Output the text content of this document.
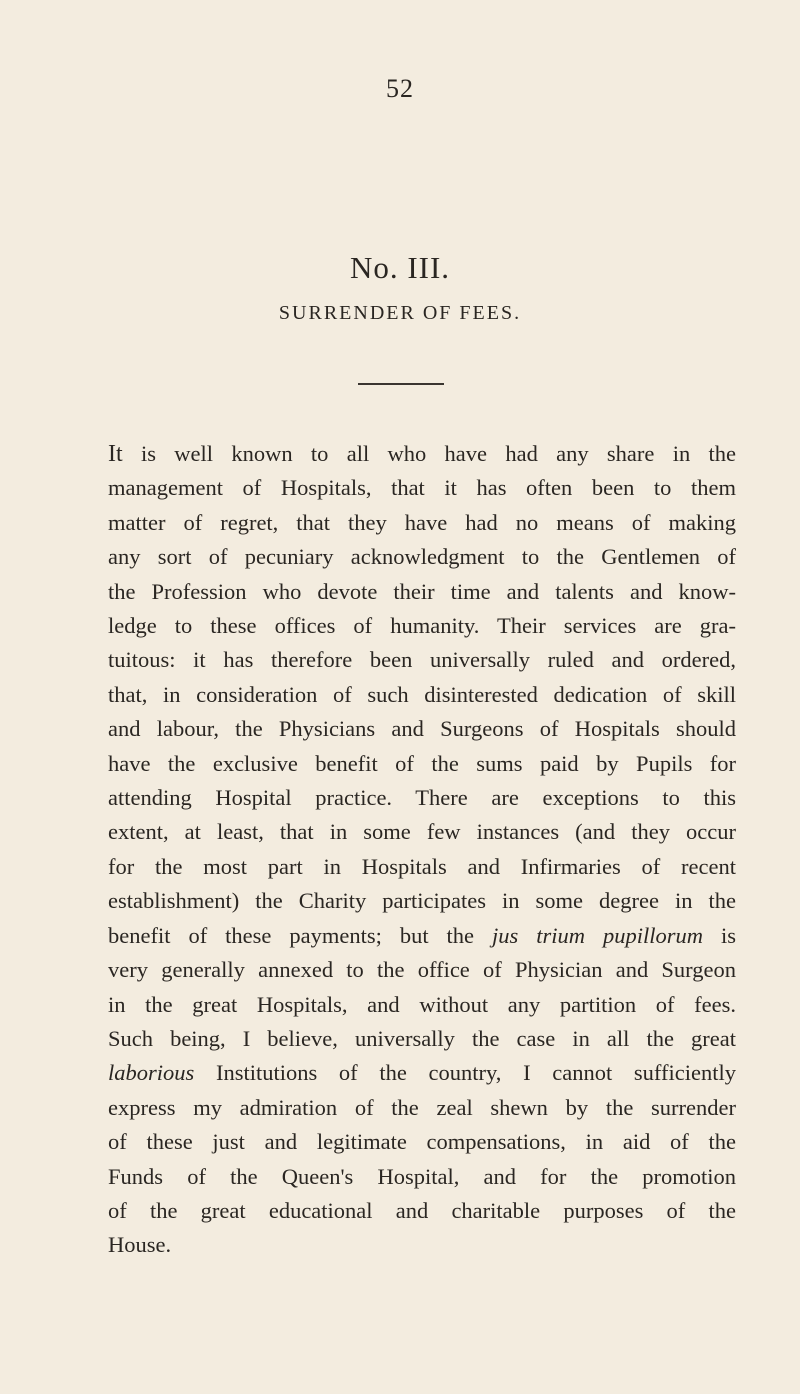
52
No. III.
SURRENDER OF FEES.

It is well known to all who have had any share in the
management of Hospitals, that it has often been to them
matter of regret, that they have had no means of making
any sort of pecuniary acknowledgment to the Gentlemen of
the Profession who devote their time and talents and know-
ledge to these offices of humanity. Their services are gra-
tuitous: it has therefore been universally ruled and ordered,
that, in consideration of such disinterested dedication of skill
and labour, the Physicians and Surgeons of Hospitals should
have the exclusive benefit of the sums paid by Pupils for
attending Hospital practice. There are exceptions to this
extent, at least, that in some few instances (and they occur
for the most part in Hospitals and Infirmaries of recent
establishment) the Charity participates in some degree in the
benefit of these payments; but the jus trium pupillorum is
very generally annexed to the office of Physician and Surgeon
in the great Hospitals, and without any partition of fees.
Such being, I believe, universally the case in all the great
laborious Institutions of the country, I cannot sufficiently
express my admiration of the zeal shewn by the surrender
of these just and legitimate compensations, in aid of the
Funds of the Queen's Hospital, and for the promotion
of the great educational and charitable purposes of the
House.
